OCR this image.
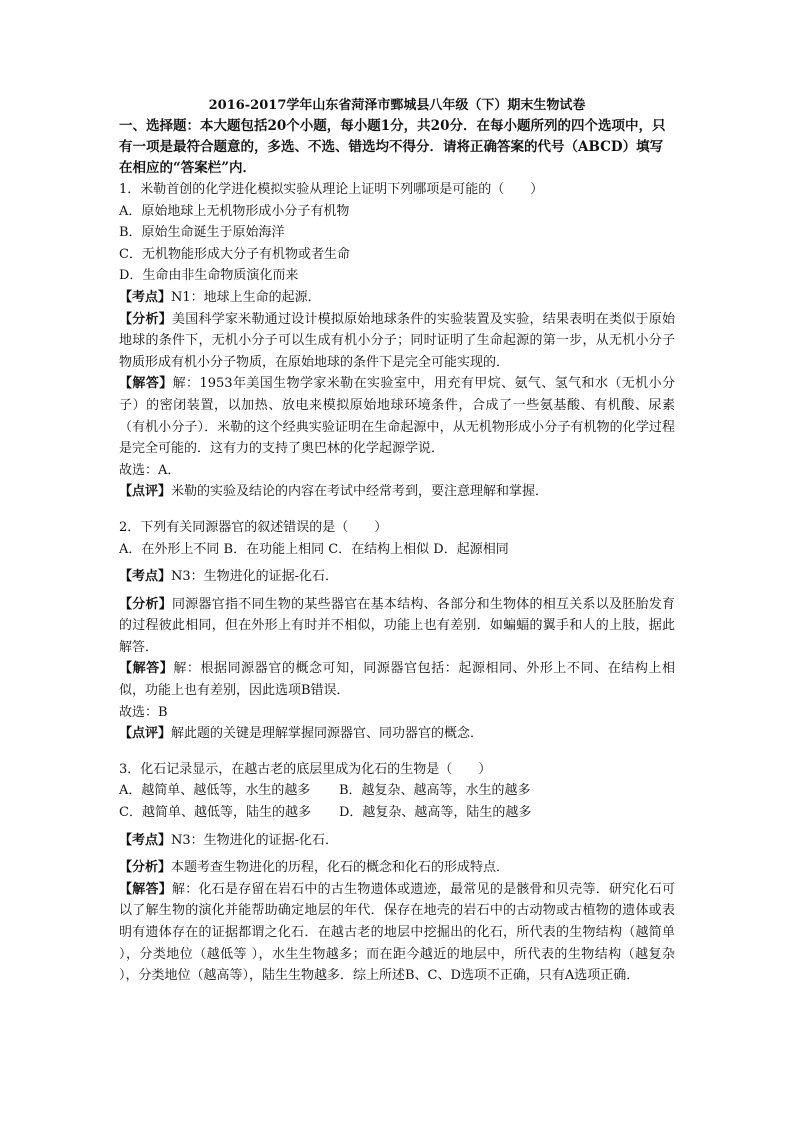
2016-2017学年山东省菏泽市鄄城县八年级（下）期末生物试卷

一、选择题：本大题包括20个小题，每小题1分，共20分．在每小题所列的四个选项中，只有一项是最符合题意的，多选、不选、错选均不得分．请将正确答案的代号（ABCD）填写在相应的“答案栏”内．

1．米勒首创的化学进化模拟实验从理论上证明下列哪项是可能的（　　）

A．原始地球上无机物形成小分子有机物

B．原始生命诞生于原始海洋

C．无机物能形成大分子有机物或者生命

D．生命由非生命物质演化而来

【考点】N1：地球上生命的起源．

【分析】美国科学家米勒通过设计模拟原始地球条件的实验装置及实验，结果表明在类似于原始地球的条件下，无机小分子可以生成有机小分子；同时证明了生命起源的第一步，从无机小分子物质形成有机小分子物质，在原始地球的条件下是完全可能实现的．

【解答】解：1953年美国生物学家米勒在实验室中，用充有甲烷、氨气、氢气和水（无机小分子）的密闭装置，以加热、放电来模拟原始地球环境条件，合成了一些氨基酸、有机酸、尿素（有机小分子）．米勒的这个经典实验证明在生命起源中，从无机物形成小分子有机物的化学过程是完全可能的．这有力的支持了奥巴林的化学起源学说．

故选：A．

【点评】米勒的实验及结论的内容在考试中经常考到，要注意理解和掌握．

2．下列有关同源器官的叙述错误的是（　　）

A．在外形上不同 B．在功能上相同 C．在结构上相似 D．起源相同

【考点】N3：生物进化的证据-化石．

【分析】同源器官指不同生物的某些器官在基本结构、各部分和生物体的相互关系以及胚胎发育的过程彼此相同，但在外形上有时并不相似，功能上也有差别．如蝙蝠的翼手和人的上肢，据此解答．

【解答】解：根据同源器官的概念可知，同源器官包括：起源相同、外形上不同、在结构上相似，功能上也有差别，因此选项B错误．

故选：B

【点评】解此题的关键是理解掌握同源器官、同功器官的概念．

3．化石记录显示，在越古老的底层里成为化石的生物是（　　）

A．越简单、越低等，水生的越多	B．越复杂、越高等，水生的越多
C．越简单、越低等，陆生的越多	D．越复杂、越高等，陆生的越多

【考点】N3：生物进化的证据-化石．

【分析】本题考查生物进化的历程，化石的概念和化石的形成特点．

【解答】解：化石是存留在岩石中的古生物遗体或遗迹，最常见的是骸骨和贝壳等．研究化石可以了解生物的演化并能帮助确定地层的年代．保存在地壳的岩石中的古动物或古植物的遗体或表明有遗体存在的证据都谓之化石．在越古老的地层中挖掘出的化石，所代表的生物结构（越简单 ），分类地位（越低等 ），水生生物越多；而在距今越近的地层中，所代表的生物结构（越复杂 ），分类地位（越高等），陆生生物越多．综上所述B、C、D选项不正确，只有A选项正确．
